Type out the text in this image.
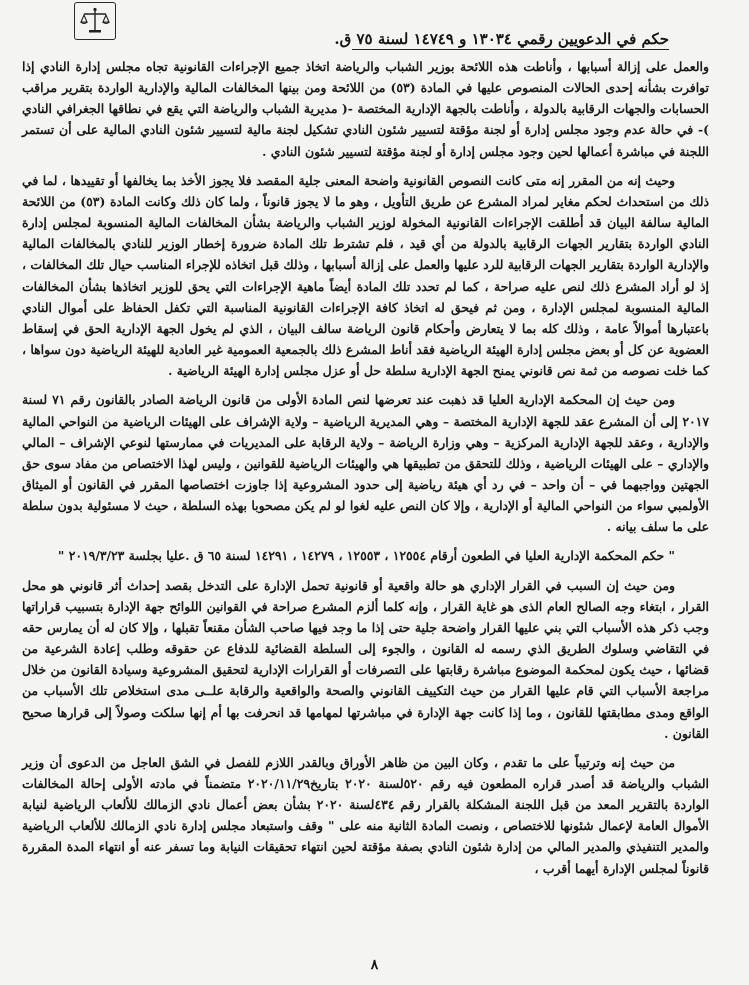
حكم في الدعويين رقمي ١٣٠٣٤ و ١٤٧٤٩ لسنة ٧٥ ق.

والعمل على إزالة أسبابها ، وأناطت هذه اللائحة بوزير الشباب والرياضة اتخاذ جميع الإجراءات القانونية تجاه مجلس إدارة النادي إذا توافرت بشأنه إحدى الحالات المنصوص عليها في المادة (٥٣) من اللائحة ومن بينها المخالفات المالية والإدارية الواردة بتقرير مراقب الحسابات والجهات الرقابية بالدولة ، وأناطت بالجهة الإدارية المختصة -( مديرية الشباب والرياضة التي يقع في نطاقها الجغرافي النادي )- في حالة عدم وجود مجلس إدارة أو لجنة مؤقتة لتسيير شئون النادي تشكيل لجنة مالية لتسيير شئون النادي المالية على أن تستمر اللجنة في مباشرة أعمالها لحين وجود مجلس إدارة أو لجنة مؤقتة لتسيير شئون النادي .

وحيث إنه من المقرر إنه متى كانت النصوص القانونية واضحة المعنى جلية المقصد فلا يجوز الأخذ بما يخالفها أو تقييدها ، لما في ذلك من استحداث لحكم مغاير لمراد المشرع عن طريق التأويل ، وهو ما لا يجوز قانوناً ، ولما كان ذلك وكانت المادة (٥٣) من اللائحة المالية سالفة البيان قد أطلقت الإجراءات القانونية المخولة لوزير الشباب والرياضة بشأن المخالفات المالية المنسوبة لمجلس إدارة النادي الواردة بتقارير الجهات الرقابية بالدولة من أي قيد ، فلم تشترط تلك المادة ضرورة إخطار الوزير للنادي بالمخالفات المالية والإدارية الواردة بتقارير الجهات الرقابية للرد عليها والعمل على إزالة أسبابها ، وذلك قبل اتخاذه للإجراء المناسب حيال تلك المخالفات ، إذ لو أراد المشرع ذلك لنص عليه صراحة ، كما لم تحدد تلك المادة أيضاً ماهية الإجراءات التي يحق للوزير اتخاذها بشأن المخالفات المالية المنسوبة لمجلس الإدارة ، ومن ثم فيحق له اتخاذ كافة الإجراءات القانونية المناسبة التي تكفل الحفاظ على أموال النادي باعتبارها أموالاً عامة ، وذلك كله بما لا يتعارض وأحكام قانون الرياضة سالف البيان ، الذي لم يخول الجهة الإدارية الحق في إسقاط العضوية عن كل أو بعض مجلس إدارة الهيئة الرياضية فقد أناط المشرع ذلك بالجمعية العمومية غير العادية للهيئة الرياضية دون سواها ، كما خلت نصوصه من ثمة نص قانوني يمنح الجهة الإدارية سلطة حل أو عزل مجلس إدارة الهيئة الرياضية .

ومن حيث إن المحكمة الإدارية العليا قد ذهبت عند تعرضها لنص المادة الأولى من قانون الرياضة الصادر بالقانون رقم ٧١ لسنة ٢٠١٧ إلى أن المشرع عقد للجهة الإدارية المختصة – وهي المديرية الرياضية – ولاية الإشراف على الهيئات الرياضية من النواحي المالية والإدارية ، وعقد للجهة الإدارية المركزية – وهي وزارة الرياضة – ولاية الرقابة على المديريات في ممارستها لنوعي الإشراف – المالي والإداري – على الهيئات الرياضية ، وذلك للتحقق من تطبيقها هي والهيئات الرياضية للقوانين ، وليس لهذا الاختصاص من مفاد سوى حق الجهتين وواجبهما في – أن واحد – في رد أي هيئة رياضية إلى حدود المشروعية إذا جاوزت اختصاصها المقرر في القانون أو الميثاق الأولمبي سواء من النواحي المالية أو الإدارية ، وإلا كان النص عليه لغوا لو لم يكن مصحوبا بهذه السلطة ، حيث لا مسئولية بدون سلطة على ما سلف بيانه .

" حكم المحكمة الإدارية العليا في الطعون أرقام ١٢٥٥٤ ، ١٢٥٥٣ ، ١٤٢٧٩ ، ١٤٢٩١ لسنة ٦٥ ق .عليا بجلسة ٢٠١٩/٣/٢٣ "

ومن حيث إن السبب في القرار الإداري هو حالة واقعية أو قانونية تحمل الإدارة على التدخل بقصد إحداث أثر قانوني هو محل القرار ، ابتغاء وجه الصالح العام الذى هو غاية القرار ، وإنه كلما ألزم المشرع صراحة في القوانين اللوائح جهة الإدارة بتسبيب قراراتها وجب ذكر هذه الأسباب التي بني عليها القرار واضحة جلية حتى إذا ما وجد فيها صاحب الشأن مقنعاً تقبلها ، وإلا كان له أن يمارس حقه في التقاضي وسلوك الطريق الذي رسمه له القانون ، والجوء إلى السلطة القضائية للدفاع عن حقوقه وطلب إعادة الشرعية من قضائها ، حيث يكون لمحكمة الموضوع مباشرة رقابتها على التصرفات أو القرارات الإدارية لتحقيق المشروعية وسيادة القانون من خلال مراجعة الأسباب التي قام عليها القرار من حيث التكييف القانوني والصحة والواقعية والرقابة علــى مدى استخلاص تلك الأسباب من الواقع ومدى مطابقتها للقانون ، وما إذا كانت جهة الإدارة في مباشرتها لمهامها قد انحرفت بها أم إنها سلكت وصولاً إلى قرارها صحيح القانون .

من حيث إنه وترتيباً على ما تقدم ، وكان البين من ظاهر الأوراق وبالقدر اللازم للفصل في الشق العاجل من الدعوى أن وزير الشباب والرياضة قد أصدر قراره المطعون فيه رقم ٥٢٠لسنة ٢٠٢٠ بتاريخ٢٠٢٠/١١/٢٩ متضمناً في مادته الأولى إحالة المخالفات الواردة بالتقرير المعد من قبل اللجنة المشكلة بالقرار رقم ٤٣٤لسنة ٢٠٢٠ بشأن بعض أعمال نادي الزمالك للألعاب الرياضية لنيابة الأموال العامة لإعمال شئونها للاختصاص ، ونصت المادة الثانية منه على " وقف واستبعاد مجلس إدارة نادي الزمالك للألعاب الرياضية والمدير التنفيذي والمدير المالي من إدارة شئون النادي بصفة مؤقتة لحين انتهاء تحقيقات النيابة وما تسفر عنه أو انتهاء المدة المقررة قانوناً لمجلس الإدارة أيهما أقرب ،

٨
